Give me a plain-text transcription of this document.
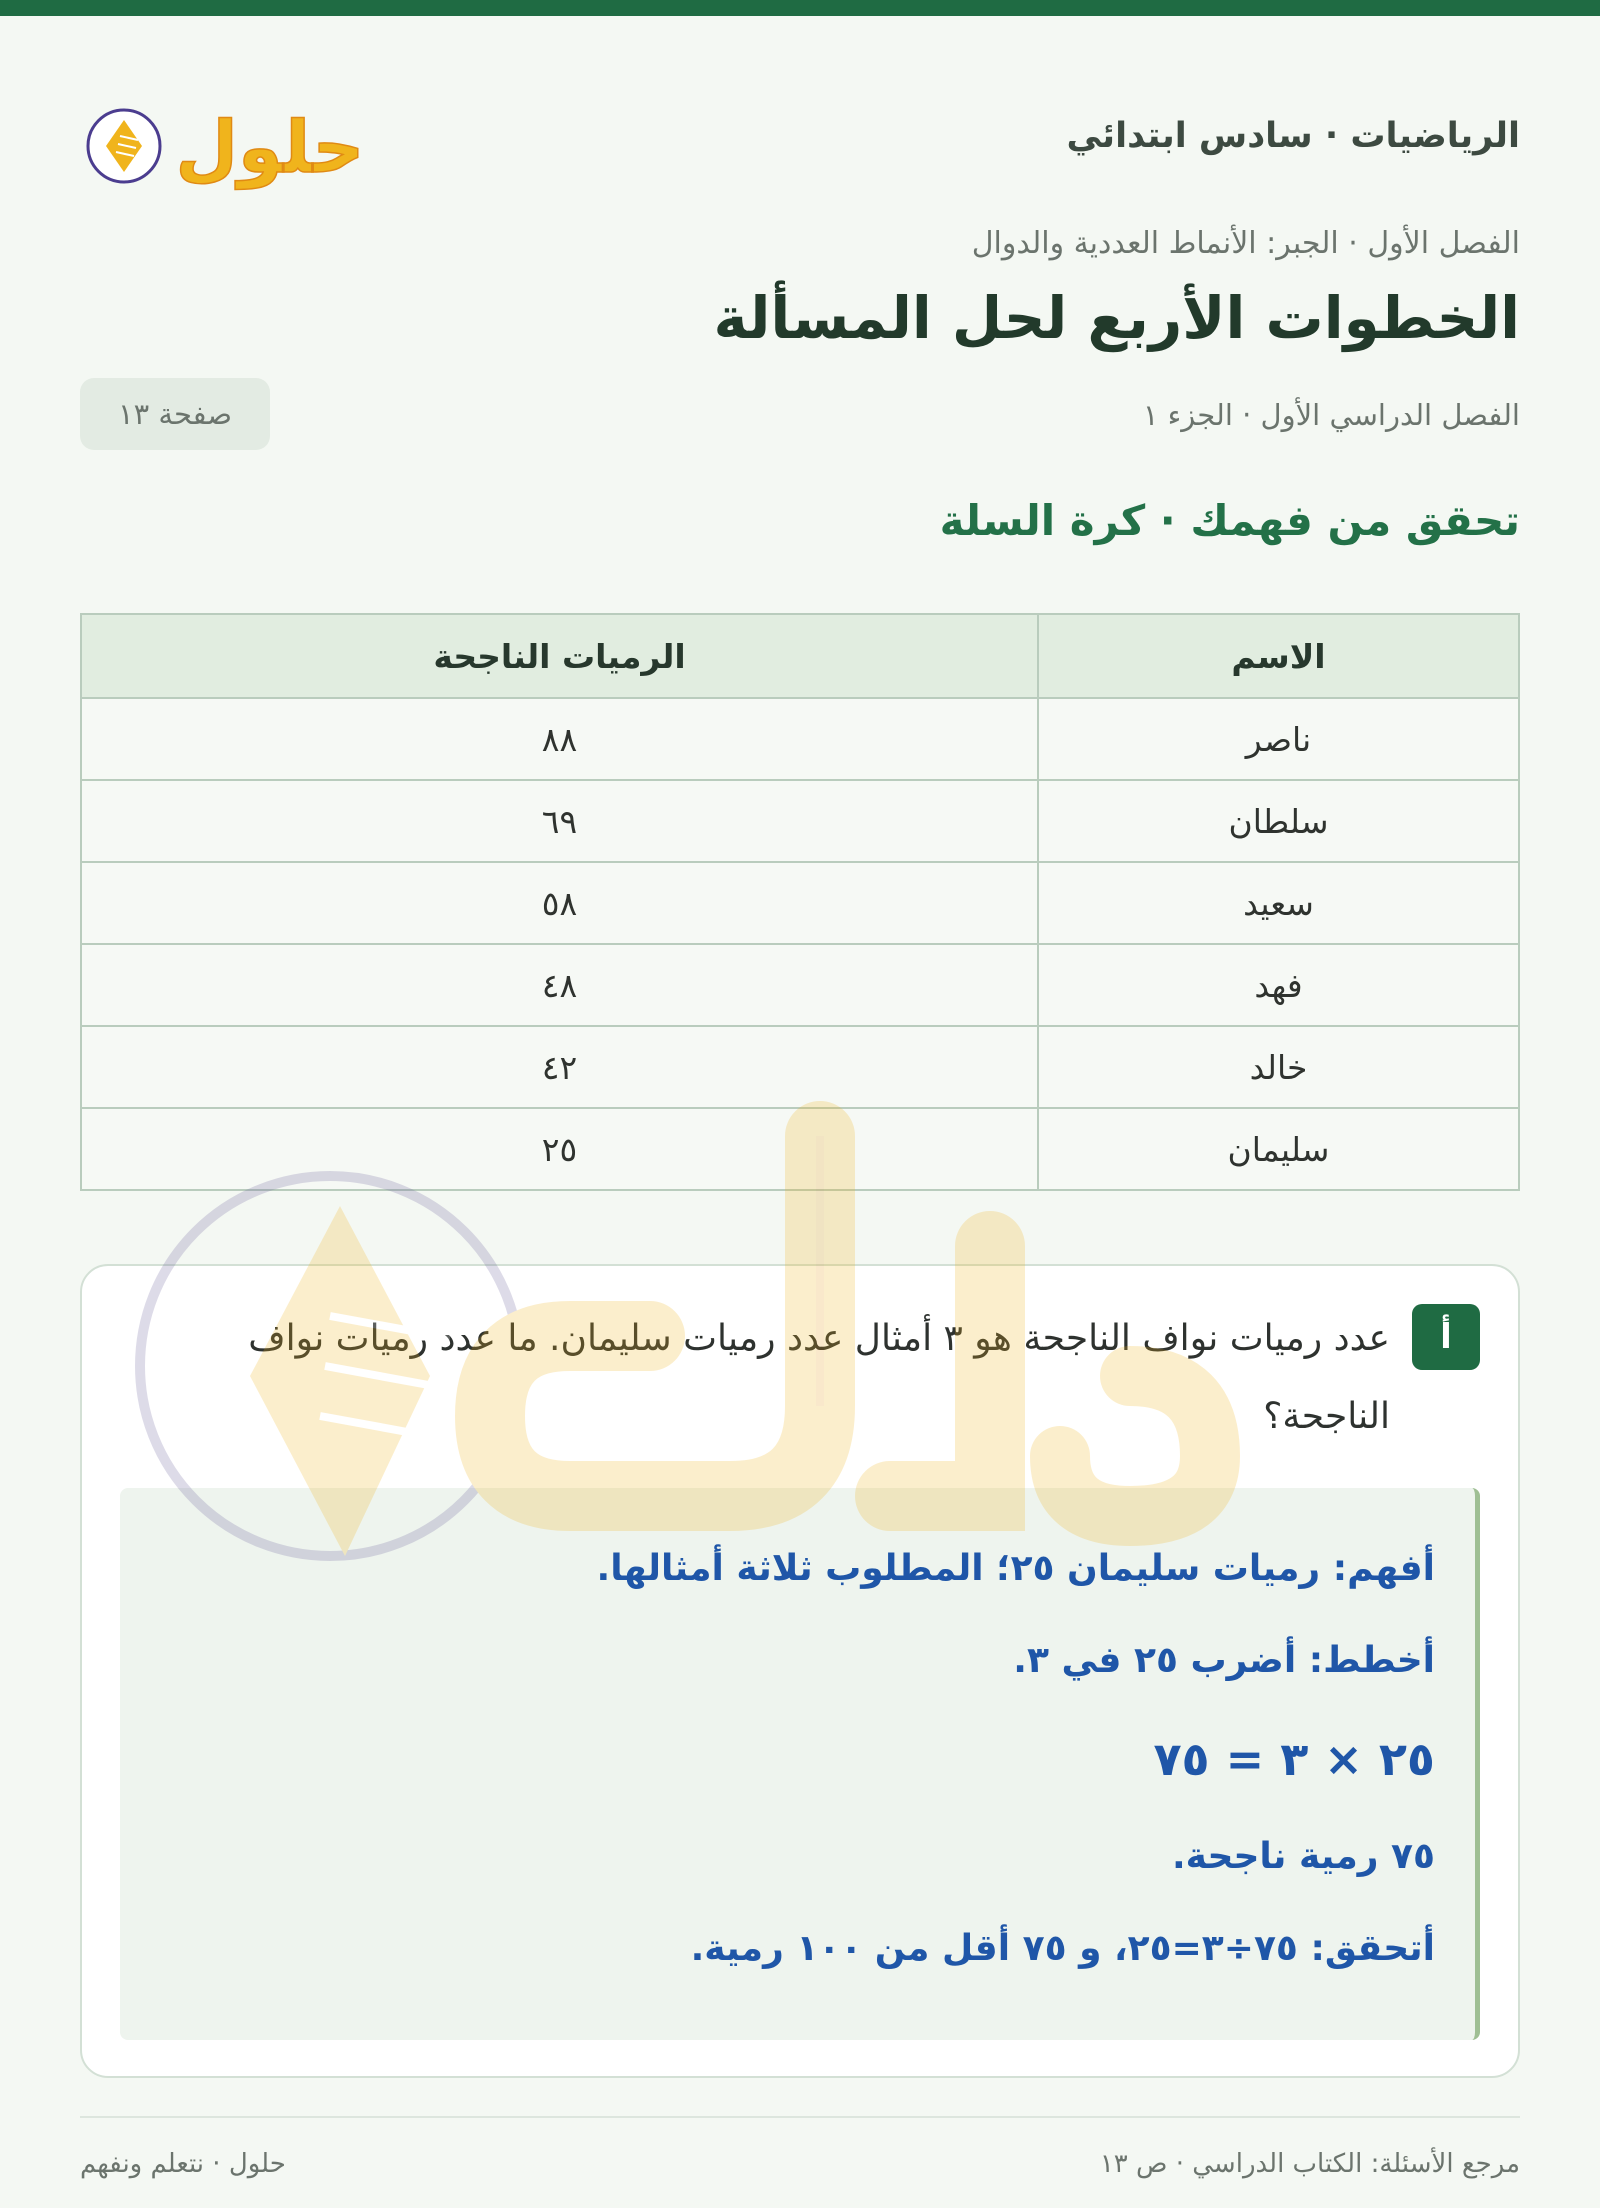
الرياضيات · سادس ابتدائي
حلول
الفصل الأول · الجبر: الأنماط العددية والدوال
الخطوات الأربع لحل المسألة
الفصل الدراسي الأول · الجزء ١
صفحة ١٣
تحقق من فهمك · كرة السلة
الاسم	الرميات الناجحة
ناصر	٨٨
سلطان	٦٩
سعيد	٥٨
فهد	٤٨
خالد	٤٢
سليمان	٢٥
أ
عدد رميات نواف الناجحة هو ٣ أمثال عدد رميات سليمان. ما عدد رميات نواف الناجحة؟
أفهم: رميات سليمان ٢٥؛ المطلوب ثلاثة أمثالها.
أخطط: أضرب ٢٥ في ٣.
٢٥ × ٣ = ٧٥
٧٥ رمية ناجحة.
أتحقق: ٧٥÷٣=٢٥، و ٧٥ أقل من ١٠٠ رمية.
مرجع الأسئلة: الكتاب الدراسي · ص ١٣
حلول · نتعلم ونفهم
